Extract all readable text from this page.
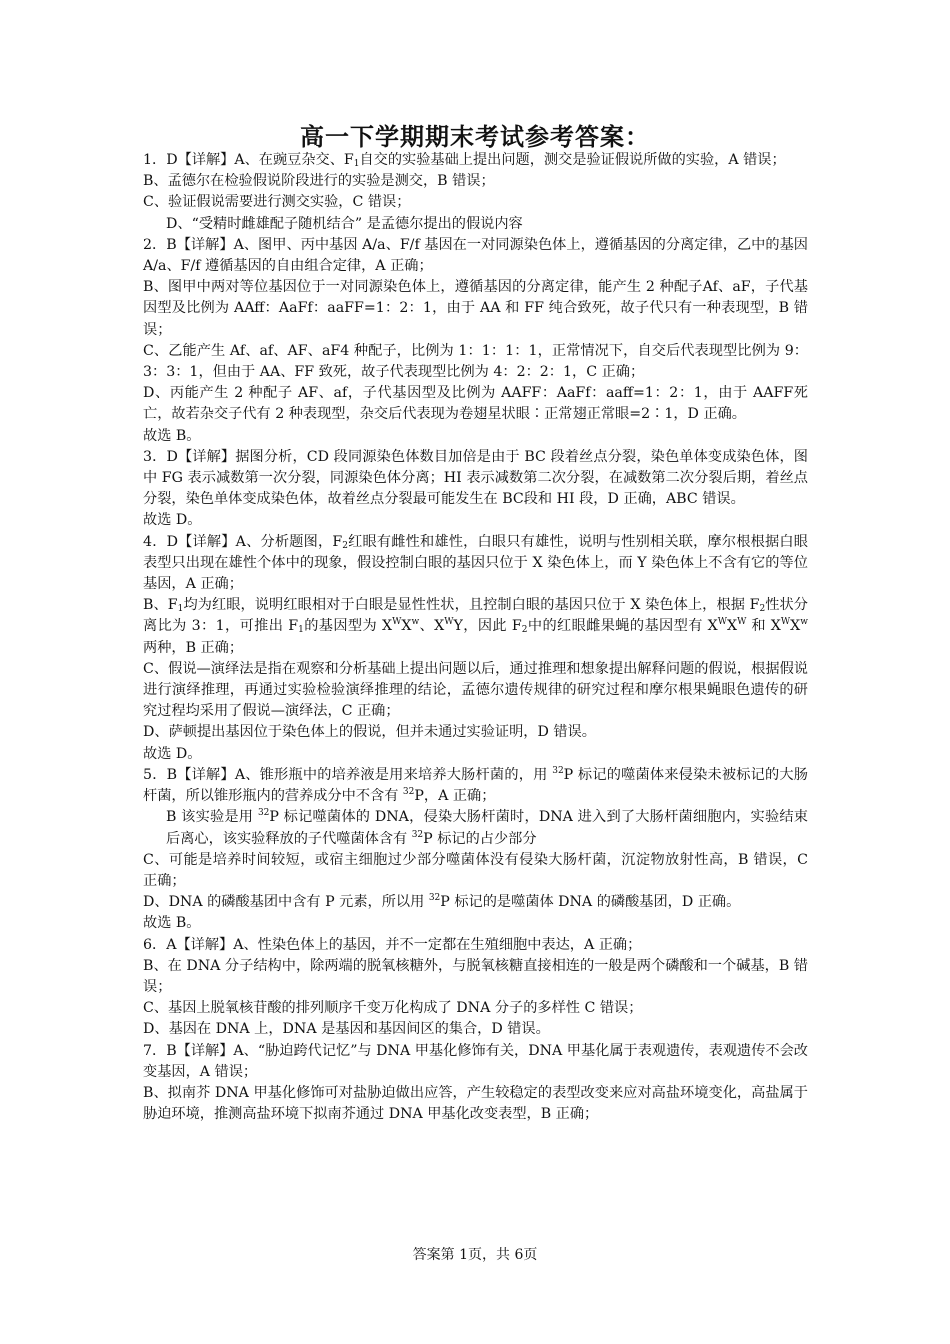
高一下学期期末考试参考答案：

1．D【详解】A、在豌豆杂交、$F_1$自交的实验基础上提出问题，测交是验证假说所做的实验，A 错误；

B、孟德尔在检验假说阶段进行的实验是测交，B 错误；

C、验证假说需要进行测交实验，C 错误；

D、“受精时雌雄配子随机结合” 是孟德尔提出的假说内容

2．B【详解】A、图甲、丙中基因 A/a、F/f 基因在一对同源染色体上，遵循基因的分离定律，乙中的基因 A/a、F/f 遵循基因的自由组合定律，A 正确；

B、图甲中两对等位基因位于一对同源染色体上，遵循基因的分离定律，能产生 2 种配子Af、aF，子代基因型及比例为 AAff：AaFf：aaFF=1：2：1，由于 AA 和 FF 纯合致死，故子代只有一种表现型，B 错误；

C、乙能产生 Af、af、AF、aF4 种配子，比例为 1：1：1：1，正常情况下，自交后代表现型比例为 9：3：3：1，但由于 AA、FF 致死，故子代表现型比例为 4：2：2：1，C 正确；

D、丙能产生 2 种配子 AF、af，子代基因型及比例为 AAFF：AaFf：aaff=1：2：1，由于 AAFF死亡，故若杂交子代有 2 种表现型，杂交后代表现为卷翅星状眼∶正常翅正常眼=2∶1，D 正确。

故选 B。

3．D【详解】据图分析，CD 段同源染色体数目加倍是由于 BC 段着丝点分裂，染色单体变成染色体，图中 FG 表示减数第一次分裂，同源染色体分离；HI 表示减数第二次分裂，在减数第二次分裂后期，着丝点分裂，染色单体变成染色体，故着丝点分裂最可能发生在 BC段和 HI 段，D 正确，ABC 错误。

故选 D。

4．D【详解】A、分析题图，$F_2$红眼有雌性和雄性，白眼只有雄性，说明与性别相关联，摩尔根根据白眼表型只出现在雄性个体中的现象，假设控制白眼的基因只位于 X 染色体上，而 Y 染色体上不含有它的等位基因，A 正确；

B、$F_1$均为红眼，说明红眼相对于白眼是显性性状，且控制白眼的基因只位于 X 染色体上，根据 $F_2$性状分离比为 3：1，可推出 $F_1$的基因型为 $X^WX^w$、$X^WY$，因此 $F_2$中的红眼雌果蝇的基因型有 $X^WX^W$ 和 $X^WX^w$ 两种，B 正确；

C、假说—演绎法是指在观察和分析基础上提出问题以后，通过推理和想象提出解释问题的假说，根据假说进行演绎推理，再通过实验检验演绎推理的结论，孟德尔遗传规律的研究过程和摩尔根果蝇眼色遗传的研究过程均采用了假说—演绎法，C 正确；

D、萨顿提出基因位于染色体上的假说，但并未通过实验证明，D 错误。

故选 D。

5．B【详解】A、锥形瓶中的培养液是用来培养大肠杆菌的，用 $^{32}$P 标记的噬菌体来侵染未被标记的大肠杆菌，所以锥形瓶内的营养成分中不含有 $^{32}$P，A 正确；

B 该实验是用 $^{32}$P 标记噬菌体的 DNA，侵染大肠杆菌时，DNA 进入到了大肠杆菌细胞内，实验结束后离心，该实验释放的子代噬菌体含有 $^{32}$P 标记的占少部分

C、可能是培养时间较短，或宿主细胞过少部分噬菌体没有侵染大肠杆菌，沉淀物放射性高，B 错误，C 正确；

D、DNA 的磷酸基团中含有 P 元素，所以用 $^{32}$P 标记的是噬菌体 DNA 的磷酸基团，D 正确。

故选 B。

6．A【详解】A、性染色体上的基因，并不一定都在生殖细胞中表达，A 正确；

B、在 DNA 分子结构中，除两端的脱氧核糖外，与脱氧核糖直接相连的一般是两个磷酸和一个碱基，B 错误；

C、基因上脱氧核苷酸的排列顺序千变万化构成了 DNA 分子的多样性 C 错误；

D、基因在 DNA 上，DNA 是基因和基因间区的集合，D 错误。

7．B【详解】A、“胁迫跨代记忆”与 DNA 甲基化修饰有关，DNA 甲基化属于表观遗传，表观遗传不会改变基因，A 错误；

B、拟南芥 DNA 甲基化修饰可对盐胁迫做出应答，产生较稳定的表型改变来应对高盐环境变化，高盐属于胁迫环境，推测高盐环境下拟南芥通过 DNA 甲基化改变表型，B 正确；

答案第 1页，共 6页
